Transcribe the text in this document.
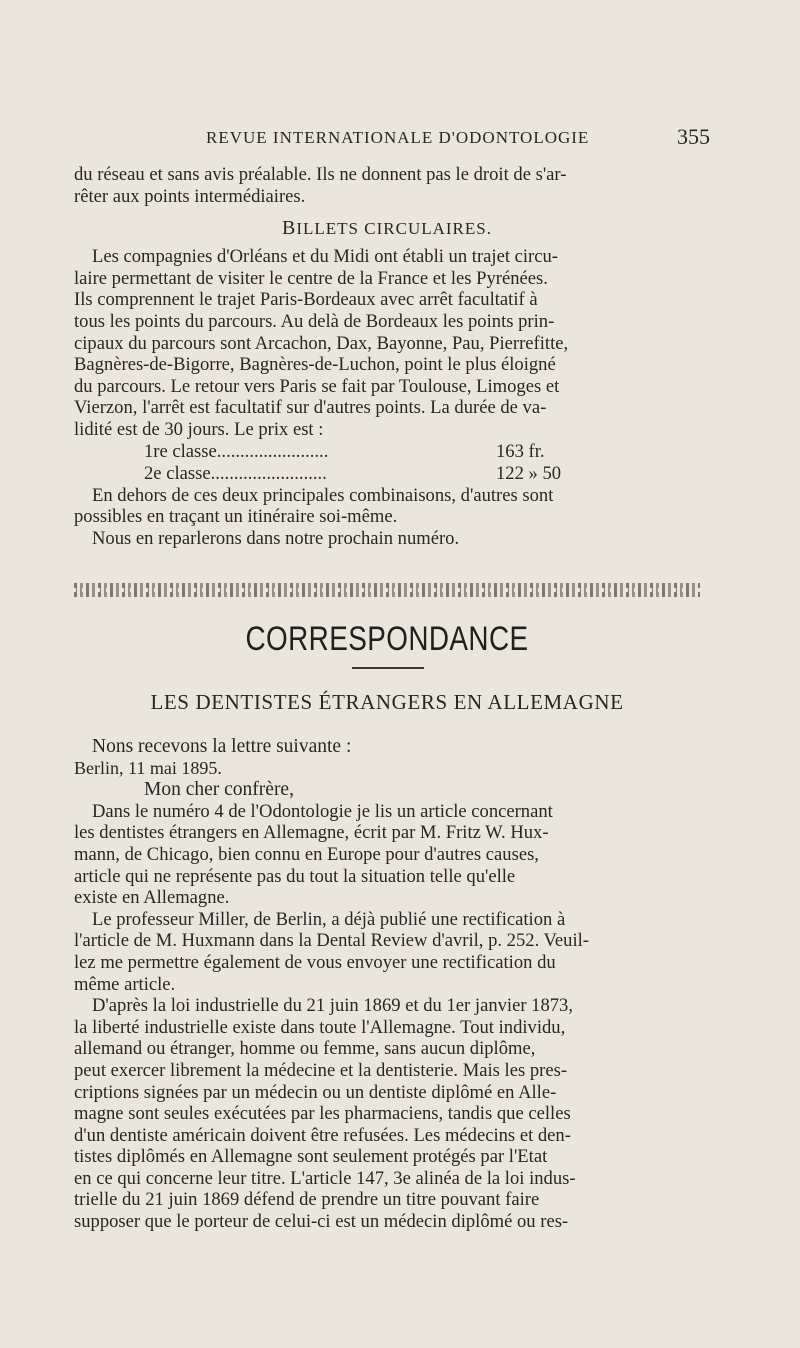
REVUE INTERNATIONALE D'ODONTOLOGIE	355

du réseau et sans avis préalable. Ils ne donnent pas le droit de s'ar-

rêter aux points intermédiaires.

BILLETS CIRCULAIRES.

Les compagnies d'Orléans et du Midi ont établi un trajet circu-

laire permettant de visiter le centre de la France et les Pyrénées.

Ils comprennent le trajet Paris-Bordeaux avec arrêt facultatif à

tous les points du parcours. Au delà de Bordeaux les points prin-

cipaux du parcours sont Arcachon, Dax, Bayonne, Pau, Pierrefitte,

Bagnères-de-Bigorre, Bagnères-de-Luchon, point le plus éloigné

du parcours. Le retour vers Paris se fait par Toulouse, Limoges et

Vierzon, l'arrêt est facultatif sur d'autres points. La durée de va-

lidité est de 30 jours. Le prix est :

1re classe........................	163 fr.
2e classe.........................	122 » 50

En dehors de ces deux principales combinaisons, d'autres sont

possibles en traçant un itinéraire soi-même.

Nous en reparlerons dans notre prochain numéro.

CORRESPONDANCE
LES DENTISTES ÉTRANGERS EN ALLEMAGNE

Nons recevons la lettre suivante :

Berlin, 11 mai 1895.

Mon cher confrère,

Dans le numéro 4 de l'Odontologie je lis un article concernant

les dentistes étrangers en Allemagne, écrit par M. Fritz W. Hux-

mann, de Chicago, bien connu en Europe pour d'autres causes,

article qui ne représente pas du tout la situation telle qu'elle

existe en Allemagne.

Le professeur Miller, de Berlin, a déjà publié une rectification à

l'article de M. Huxmann dans la Dental Review d'avril, p. 252. Veuil-

lez me permettre également de vous envoyer une rectification du

même article.

D'après la loi industrielle du 21 juin 1869 et du 1er janvier 1873,

la liberté industrielle existe dans toute l'Allemagne. Tout individu,

allemand ou étranger, homme ou femme, sans aucun diplôme,

peut exercer librement la médecine et la dentisterie. Mais les pres-

criptions signées par un médecin ou un dentiste diplômé en Alle-

magne sont seules exécutées par les pharmaciens, tandis que celles

d'un dentiste américain doivent être refusées. Les médecins et den-

tistes diplômés en Allemagne sont seulement protégés par l'Etat

en ce qui concerne leur titre. L'article 147, 3e alinéa de la loi indus-

trielle du 21 juin 1869 défend de prendre un titre pouvant faire

supposer que le porteur de celui-ci est un médecin diplômé ou res-
